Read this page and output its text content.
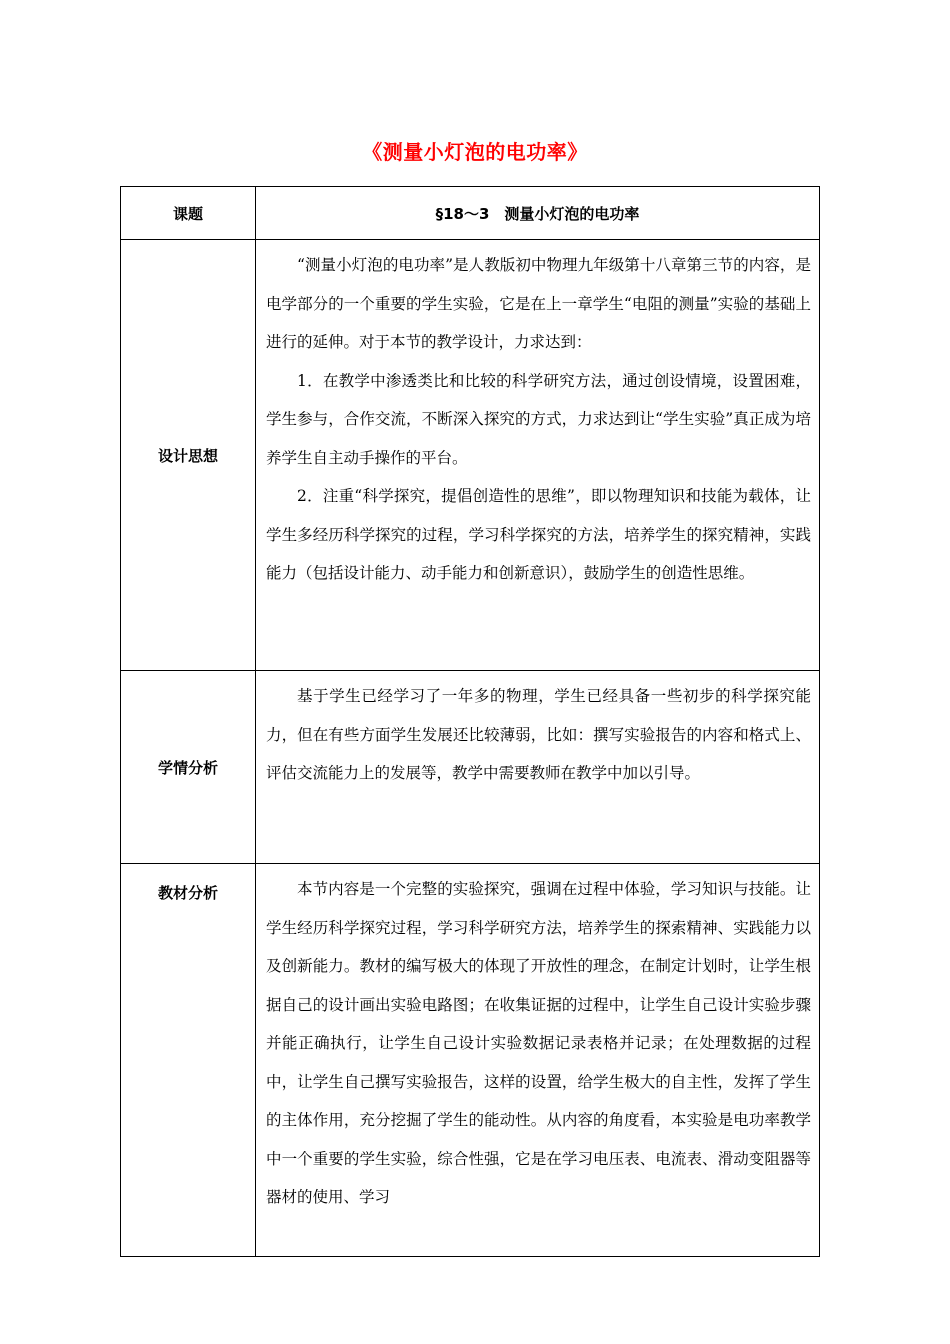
《测量小灯泡的电功率》
课题	§18～3　测量小灯泡的电功率
设计思想	“测量小灯泡的电功率”是人教版初中物理九年级第十八章第三节的内容，是电学部分的一个重要的学生实验，它是在上一章学生“电阻的测量”实验的基础上进行的延伸。对于本节的教学设计，力求达到：

1．在教学中渗透类比和比较的科学研究方法，通过创设情境，设置困难，学生参与，合作交流，不断深入探究的方式，力求达到让“学生实验”真正成为培养学生自主动手操作的平台。

2．注重“科学探究，提倡创造性的思维”，即以物理知识和技能为载体，让学生多经历科学探究的过程，学习科学探究的方法，培养学生的探究精神，实践能力（包括设计能力、动手能力和创新意识），鼓励学生的创造性思维。

学情分析	基于学生已经学习了一年多的物理，学生已经具备一些初步的科学探究能力，但在有些方面学生发展还比较薄弱，比如：撰写实验报告的内容和格式上、评估交流能力上的发展等，教学中需要教师在教学中加以引导。

教材分析	本节内容是一个完整的实验探究，强调在过程中体验，学习知识与技能。让学生经历科学探究过程，学习科学研究方法，培养学生的探索精神、实践能力以及创新能力。教材的编写极大的体现了开放性的理念，在制定计划时，让学生根据自己的设计画出实验电路图；在收集证据的过程中，让学生自己设计实验步骤并能正确执行，让学生自己设计实验数据记录表格并记录；在处理数据的过程中，让学生自己撰写实验报告，这样的设置，给学生极大的自主性，发挥了学生的主体作用，充分挖掘了学生的能动性。从内容的角度看，本实验是电功率教学中一个重要的学生实验，综合性强，它是在学习电压表、电流表、滑动变阻器等器材的使用、学习
